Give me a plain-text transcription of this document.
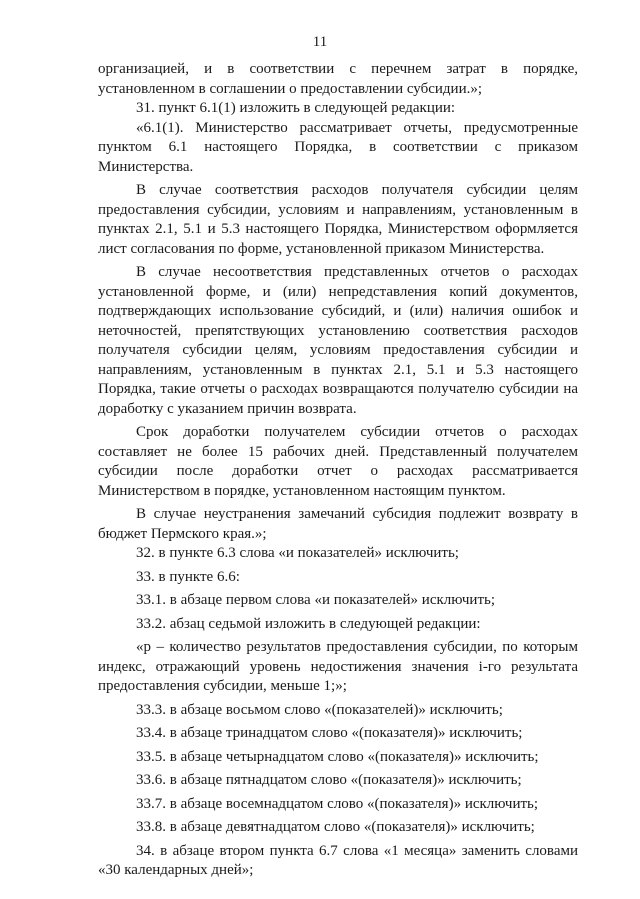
11

организацией, и в соответствии с перечнем затрат в порядке, установленном в соглашении о предоставлении субсидии.»;

31. пункт 6.1(1) изложить в следующей редакции:

«6.1(1). Министерство рассматривает отчеты, предусмотренные пунктом 6.1 настоящего Порядка, в соответствии с приказом Министерства.

В случае соответствия расходов получателя субсидии целям предоставления субсидии, условиям и направлениям, установленным в пунктах 2.1, 5.1 и 5.3 настоящего Порядка, Министерством оформляется лист согласования по форме, установленной приказом Министерства.

В случае несоответствия представленных отчетов о расходах установленной форме, и (или) непредставления копий документов, подтверждающих использование субсидий, и (или) наличия ошибок и неточностей, препятствующих установлению соответствия расходов получателя субсидии целям, условиям предоставления субсидии и направлениям, установленным в пунктах 2.1, 5.1 и 5.3 настоящего Порядка, такие отчеты о расходах возвращаются получателю субсидии на доработку с указанием причин возврата.

Срок доработки получателем субсидии отчетов о расходах составляет не более 15 рабочих дней. Представленный получателем субсидии после доработки отчет о расходах рассматривается Министерством в порядке, установленном настоящим пунктом.

В случае неустранения замечаний субсидия подлежит возврату в бюджет Пермского края.»;

32. в пункте 6.3 слова «и показателей» исключить;

33. в пункте 6.6:

33.1. в абзаце первом слова «и показателей» исключить;

33.2. абзац седьмой изложить в следующей редакции:

«р – количество результатов предоставления субсидии, по которым индекс, отражающий уровень недостижения значения i-го результата предоставления субсидии, меньше 1;»;

33.3. в абзаце восьмом слово «(показателей)» исключить;

33.4. в абзаце тринадцатом слово «(показателя)» исключить;

33.5. в абзаце четырнадцатом слово «(показателя)» исключить;

33.6. в абзаце пятнадцатом слово «(показателя)» исключить;

33.7. в абзаце восемнадцатом слово «(показателя)» исключить;

33.8. в абзаце девятнадцатом слово «(показателя)» исключить;

34. в абзаце втором пункта 6.7 слова «1 месяца» заменить словами «30 календарных дней»;
